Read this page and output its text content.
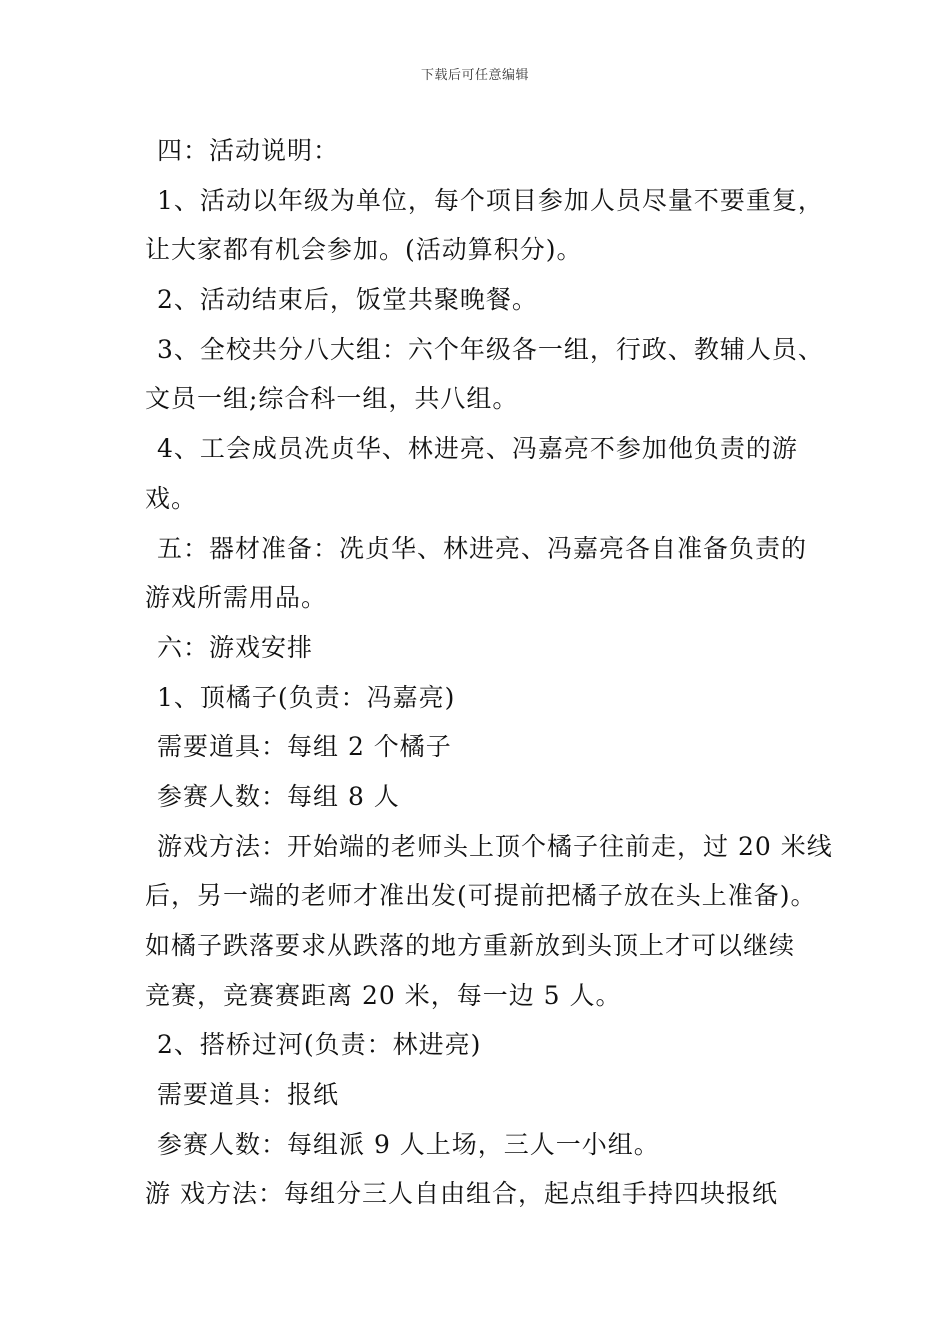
下载后可任意编辑
四：活动说明：
1、活动以年级为单位，每个项目参加人员尽量不要重复，
让大家都有机会参加。(活动算积分)。
2、活动结束后，饭堂共聚晚餐。
3、全校共分八大组：六个年级各一组，行政、教辅人员、
文员一组;综合科一组，共八组。
4、工会成员冼贞华、林进亮、冯嘉亮不参加他负责的游
戏。
五：器材准备：冼贞华、林进亮、冯嘉亮各自准备负责的
游戏所需用品。
六：游戏安排
1、顶橘子(负责：冯嘉亮)
需要道具：每组 2 个橘子
参赛人数：每组 8 人
游戏方法：开始端的老师头上顶个橘子往前走，过 20 米线
后，另一端的老师才准出发(可提前把橘子放在头上准备)。
如橘子跌落要求从跌落的地方重新放到头顶上才可以继续
竞赛，竞赛赛距离 20 米，每一边 5 人。
2、搭桥过河(负责：林进亮)
需要道具：报纸
参赛人数：每组派 9 人上场，三人一小组。
游 戏方法：每组分三人自由组合，起点组手持四块报纸
